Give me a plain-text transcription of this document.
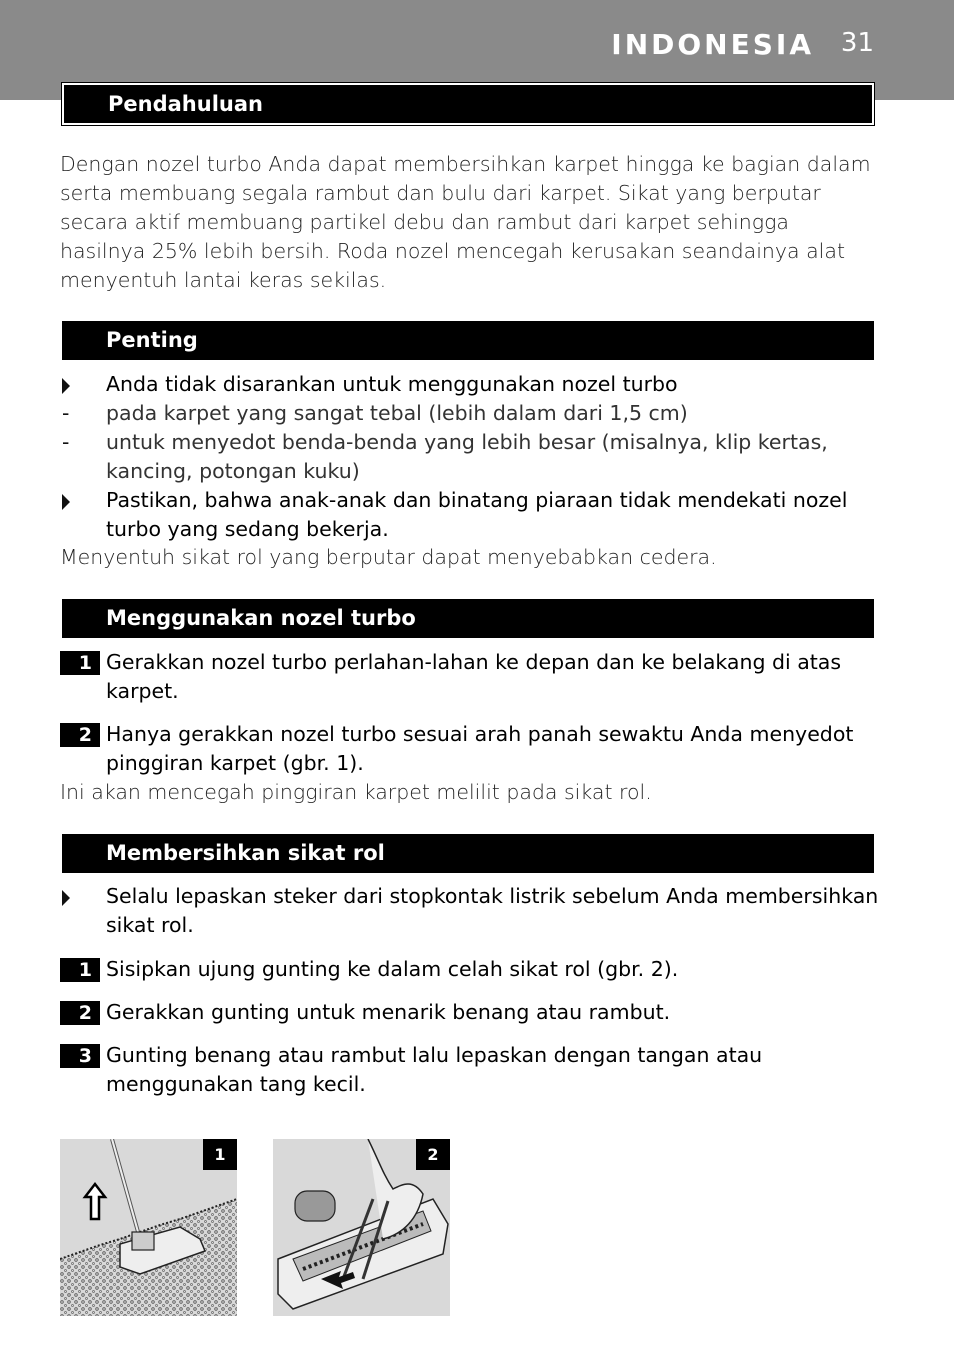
INDONESIA 31
Pendahuluan
Dengan nozel turbo Anda dapat membersihkan karpet hingga ke bagian dalam serta membuang segala rambut dan bulu dari karpet. Sikat yang berputar secara aktif membuang partikel debu dan rambut dari karpet sehingga hasilnya 25% lebih bersih. Roda nozel mencegah kerusakan seandainya alat menyentuh lantai keras sekilas.
Penting
Anda tidak disarankan untuk menggunakan nozel turbo
- pada karpet yang sangat tebal (lebih dalam dari 1,5 cm)
- untuk menyedot benda-benda yang lebih besar (misalnya, klip kertas, kancing, potongan kuku)
Pastikan, bahwa anak-anak dan binatang piaraan tidak mendekati nozel turbo yang sedang bekerja.
Menyentuh sikat rol yang berputar dapat menyebabkan cedera.
Menggunakan nozel turbo
1 Gerakkan nozel turbo perlahan-lahan ke depan dan ke belakang di atas karpet.
2 Hanya gerakkan nozel turbo sesuai arah panah sewaktu Anda menyedot pinggiran karpet (gbr. 1).
Ini akan mencegah pinggiran karpet melilit pada sikat rol.
Membersihkan sikat rol
Selalu lepaskan steker dari stopkontak listrik sebelum Anda membersihkan sikat rol.
1 Sisipkan ujung gunting ke dalam celah sikat rol (gbr. 2).
2 Gerakkan gunting untuk menarik benang atau rambut.
3 Gunting benang atau rambut lalu lepaskan dengan tangan atau menggunakan tang kecil.
1	2
